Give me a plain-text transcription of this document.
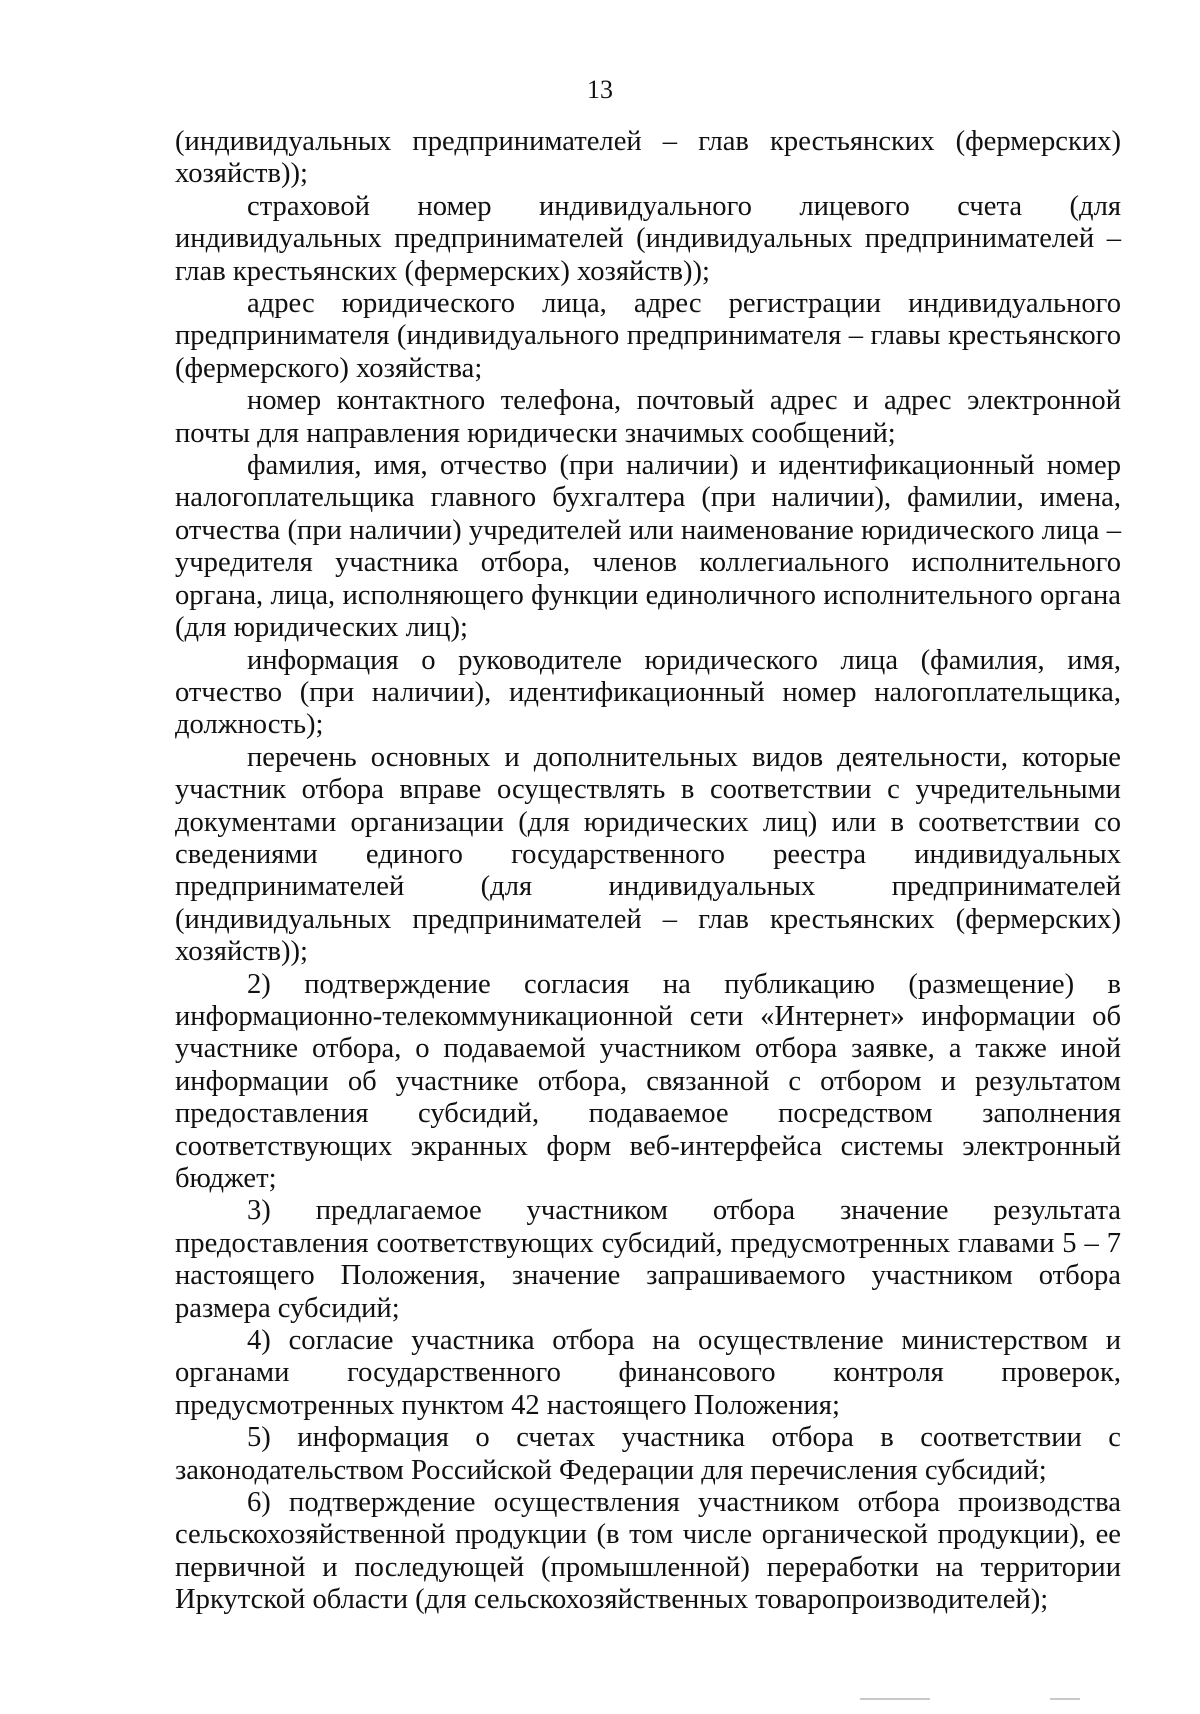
13

(индивидуальных предпринимателей – глав крестьянских (фермерских) хозяйств));

страховой номер индивидуального лицевого счета (для индивидуальных предпринимателей (индивидуальных предпринимателей – глав крестьянских (фермерских) хозяйств));

адрес юридического лица, адрес регистрации индивидуального предпринимателя (индивидуального предпринимателя – главы крестьянского (фермерского) хозяйства;

номер контактного телефона, почтовый адрес и адрес электронной почты для направления юридически значимых сообщений;

фамилия, имя, отчество (при наличии) и идентификационный номер налогоплательщика главного бухгалтера (при наличии), фамилии, имена, отчества (при наличии) учредителей или наименование юридического лица – учредителя участника отбора, членов коллегиального исполнительного органа, лица, исполняющего функции единоличного исполнительного органа (для юридических лиц);

информация о руководителе юридического лица (фамилия, имя, отчество (при наличии), идентификационный номер налогоплательщика, должность);

перечень основных и дополнительных видов деятельности, которые участник отбора вправе осуществлять в соответствии с учредительными документами организации (для юридических лиц) или в соответствии со сведениями единого государственного реестра индивидуальных предпринимателей (для индивидуальных предпринимателей (индивидуальных предпринимателей – глав крестьянских (фермерских) хозяйств));

2) подтверждение согласия на публикацию (размещение) в информационно-телекоммуникационной сети «Интернет» информации об участнике отбора, о подаваемой участником отбора заявке, а также иной информации об участнике отбора, связанной с отбором и результатом предоставления субсидий, подаваемое посредством заполнения соответствующих экранных форм веб-интерфейса системы электронный бюджет;

3) предлагаемое участником отбора значение результата предоставления соответствующих субсидий, предусмотренных главами 5 – 7 настоящего Положения, значение запрашиваемого участником отбора размера субсидий;

4) согласие участника отбора на осуществление министерством и органами государственного финансового контроля проверок, предусмотренных пунктом 42 настоящего Положения;

5) информация о счетах участника отбора в соответствии с законодательством Российской Федерации для перечисления субсидий;

6) подтверждение осуществления участником отбора производства сельскохозяйственной продукции (в том числе органической продукции), ее первичной и последующей (промышленной) переработки на территории Иркутской области (для сельскохозяйственных товаропроизводителей);
